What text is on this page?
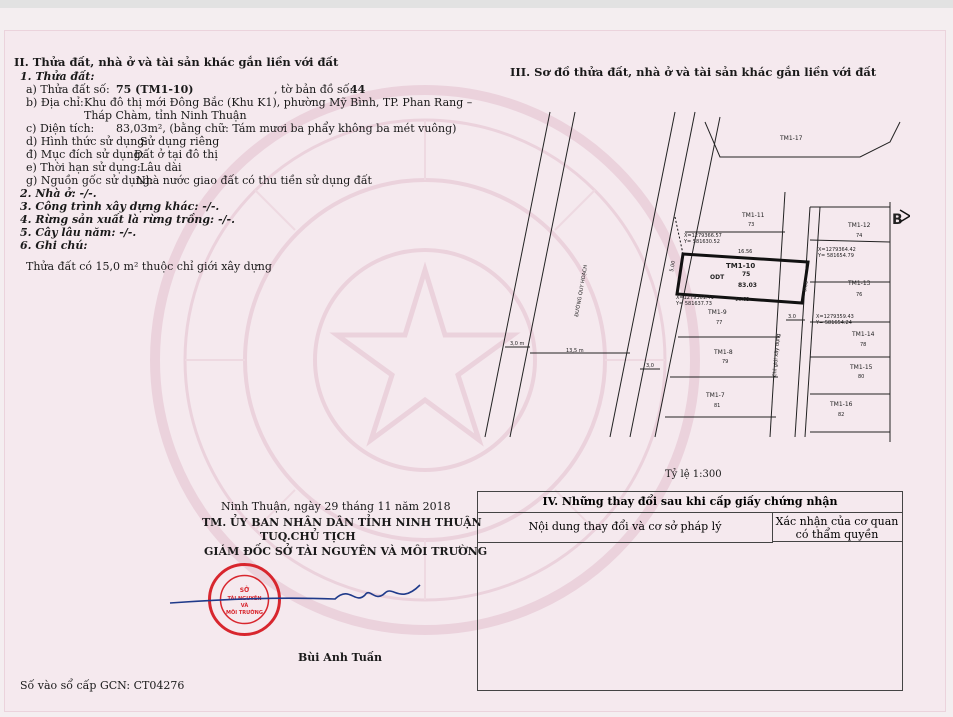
II. Thửa đất, nhà ở và tài sản khác gắn liền với đất
1. Thửa đất:
a) Thửa đất số: 75 (TM1-10)	, tờ bản đồ số:
44
b) Địa chỉ: Khu đô thị mới Đông Bắc (Khu K1), phường Mỹ Bình, TP. Phan Rang –
Tháp Chàm, tỉnh Ninh Thuận
c) Diện tích: 83,03m², (bằng chữ: Tám mươi ba phẩy không ba mét vuông)
d) Hình thức sử dụng:
Sử dụng riêng
đ) Mục đích sử dụng:
Đất ở tại đô thị
e) Thời hạn sử dụng: Lâu dài
g) Nguồn gốc sử dụng:
Nhà nước giao đất có thu tiền sử dụng đất
2. Nhà ở: -/-.
3. Công trình xây dựng khác: -/-.
4. Rừng sản xuất là rừng trồng: -/-.
5. Cây lâu năm: -/-.
6. Ghi chú:
Thửa đất có 15,0 m² thuộc chỉ giới xây dựng
III. Sơ đồ thửa đất, nhà ở và tài sản khác gắn liền với đất
TM1-17
TM1-11
73	TM1-12
74
X=1279366.57
Y= 581630.52
16.56	X=1279364.42
Y= 581654.79
TM1-10
ODT	75
83.03	TM1-13
76
X=1279361.41
Y= 581637.73
16.63
X=1279359.43
Y= 581654.24
TM1-9
77
3.0
TM1-14
78
TM1-8
79
TM1-15
80
TM1-7
81	TM1-16
82
3,0 m
13,5 m
3,0
5.00
5.00
ĐƯỜNG QUY HOẠCH
Chỉ giới xây dựng
B
Tỷ lệ 1:300
Ninh Thuận, ngày 29 tháng 11 năm 2018
TM. ỦY BAN NHÂN DÂN TỈNH NINH THUẬN
TUQ.CHỦ TỊCH
GIÁM ĐỐC SỞ TÀI NGUYÊN VÀ MÔI TRƯỜNG
SỞ
TÀI NGUYÊN
VÀ
MÔI TRƯỜNG
Bùi Anh Tuấn
Số vào sổ cấp GCN: CT04276
IV. Những thay đổi sau khi cấp giấy chứng nhận
Nội dung thay đổi và cơ sở pháp lý	Xác nhận của cơ quan
có thẩm quyền
